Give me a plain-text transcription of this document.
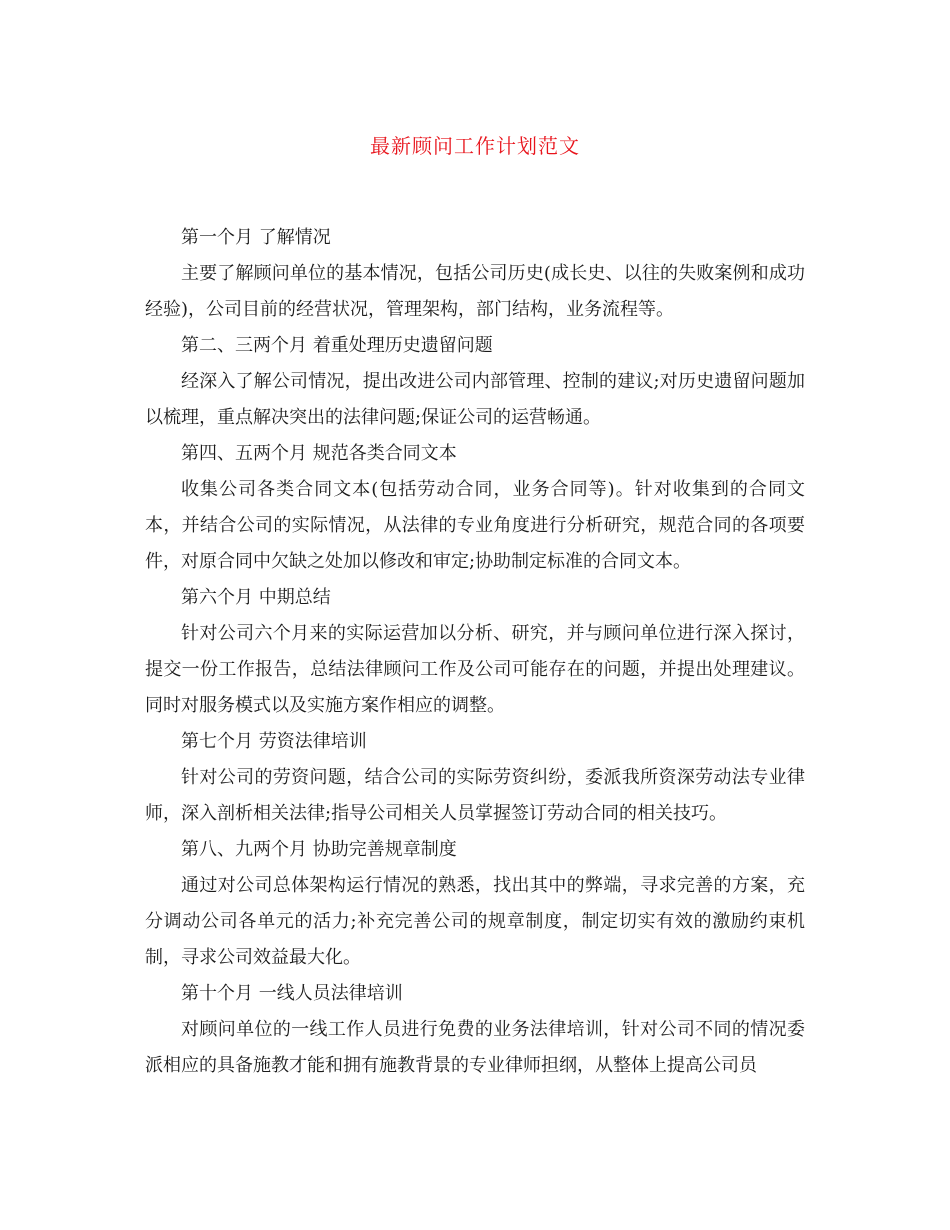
最新顾问工作计划范文

第一个月 了解情况

主要了解顾问单位的基本情况，包括公司历史(成长史、以往的失败案例和成功经验)，公司目前的经营状况，管理架构，部门结构，业务流程等。

第二、三两个月 着重处理历史遗留问题

经深入了解公司情况，提出改进公司内部管理、控制的建议;对历史遗留问题加以梳理，重点解决突出的法律问题;保证公司的运营畅通。

第四、五两个月 规范各类合同文本

收集公司各类合同文本(包括劳动合同，业务合同等)。针对收集到的合同文本，并结合公司的实际情况，从法律的专业角度进行分析研究，规范合同的各项要件，对原合同中欠缺之处加以修改和审定;协助制定标准的合同文本。

第六个月 中期总结

针对公司六个月来的实际运营加以分析、研究，并与顾问单位进行深入探讨，提交一份工作报告，总结法律顾问工作及公司可能存在的问题，并提出处理建议。同时对服务模式以及实施方案作相应的调整。

第七个月 劳资法律培训

针对公司的劳资问题，结合公司的实际劳资纠纷，委派我所资深劳动法专业律师，深入剖析相关法律;指导公司相关人员掌握签订劳动合同的相关技巧。

第八、九两个月 协助完善规章制度

通过对公司总体架构运行情况的熟悉，找出其中的弊端，寻求完善的方案，充分调动公司各单元的活力;补充完善公司的规章制度，制定切实有效的激励约束机制，寻求公司效益最大化。

第十个月 一线人员法律培训

对顾问单位的一线工作人员进行免费的业务法律培训，针对公司不同的情况委派相应的具备施教才能和拥有施教背景的专业律师担纲，从整体上提高公司员
